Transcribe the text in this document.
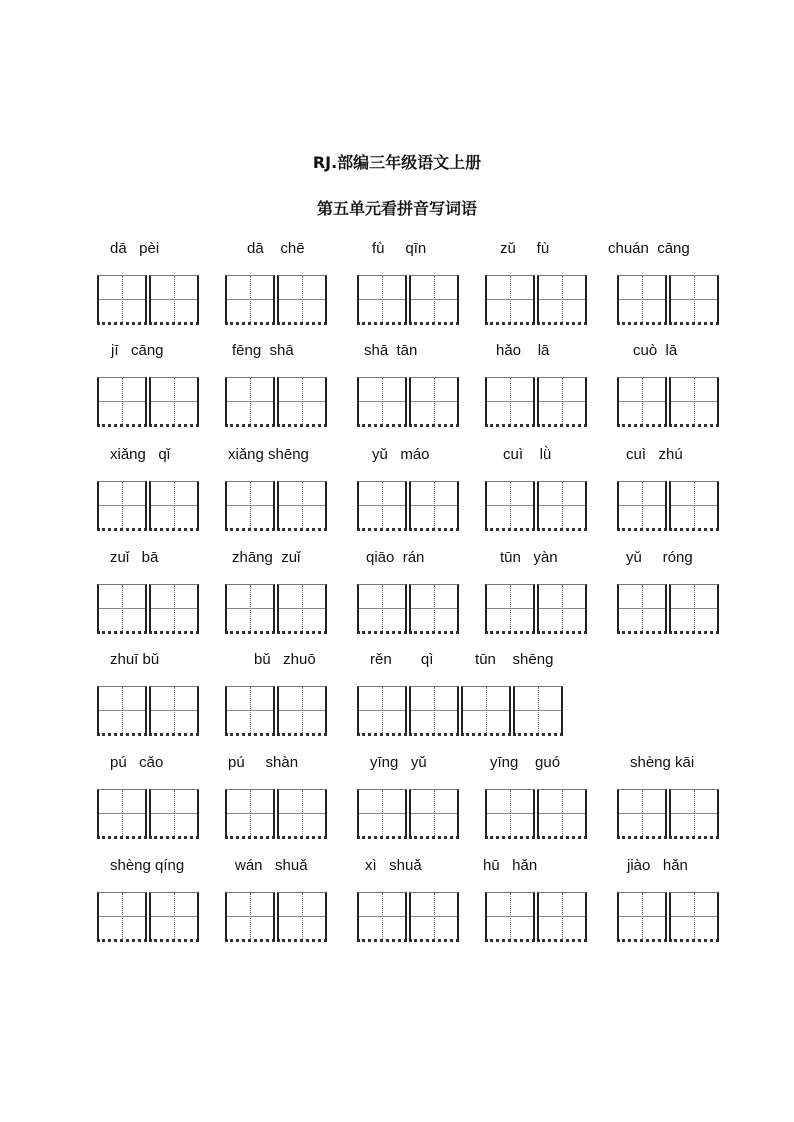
RJ.部编三年级语文上册
第五单元看拼音写词语
dā   pèi	dā    chē	fù     qīn	zǔ     fù	chuán  cāng
jī   cāng	fēng  shā	shā  tān	hǎo    lā	cuò  lā
xiǎng   qǐ	xiǎng shēng	yǔ   máo	cuì    lǜ	cuì   zhú
zuǐ   bā	zhāng  zuǐ	qiāo  rán	tūn   yàn	yǔ     róng
zhuī bǔ	bǔ   zhuō	rěn       qì          tūn    shēng
pú   cǎo	pú     shàn	yīng   yǔ	yīng    guó	shèng kāi
shèng qíng	wán   shuǎ	xì   shuǎ	hū   hǎn	jiào   hǎn
